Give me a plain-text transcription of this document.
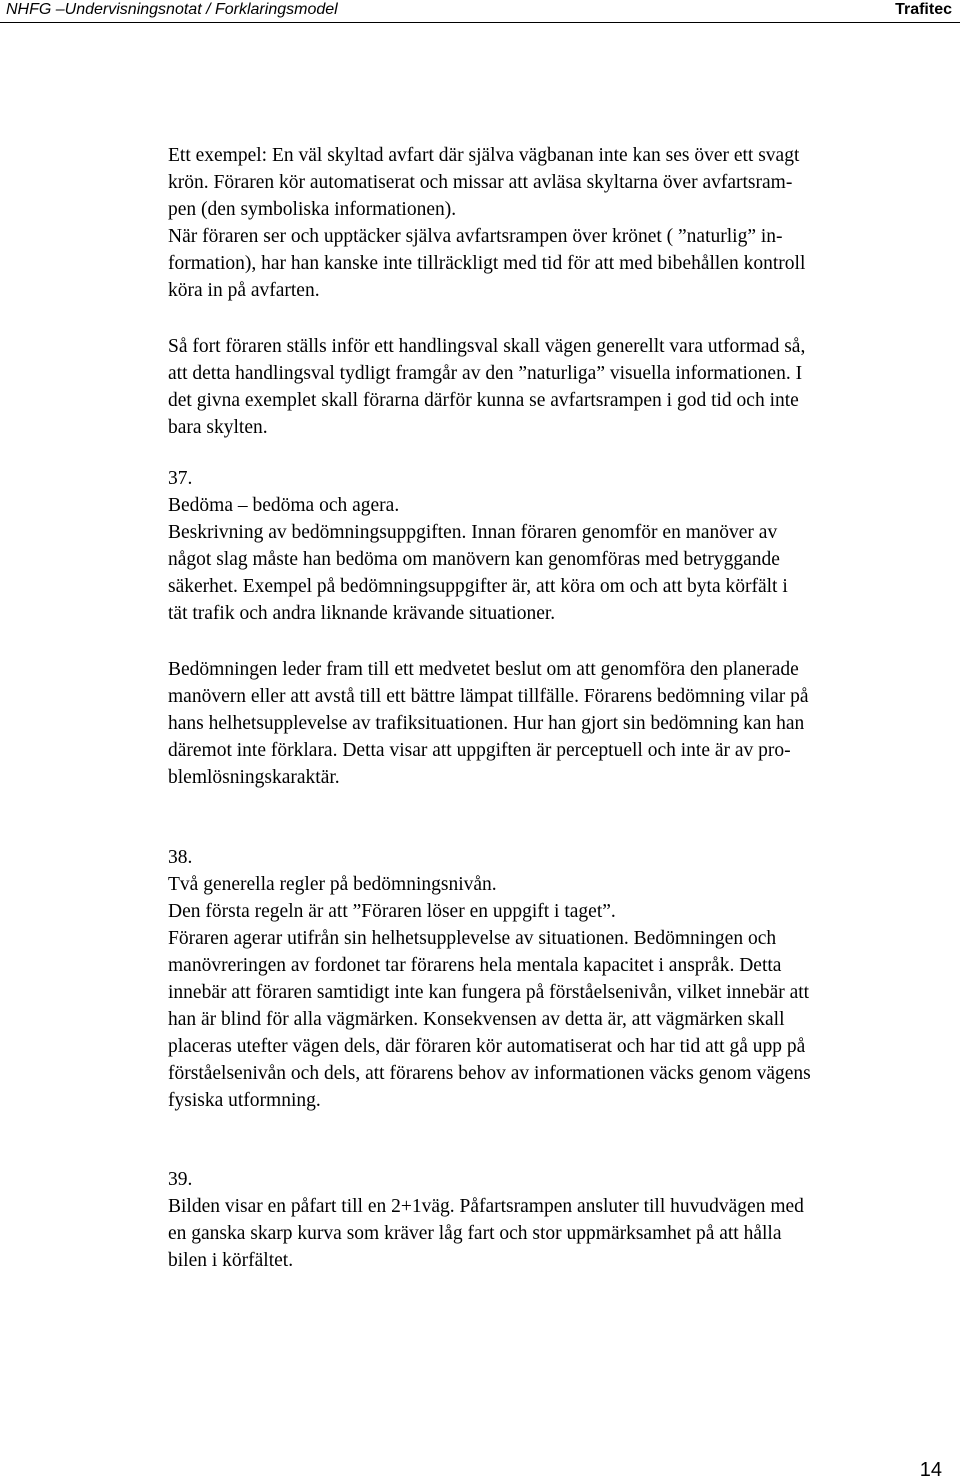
NHFG –Undervisningsnotat / Forklaringsmodel	Trafitec
Ett exempel: En väl skyltad avfart där själva vägbanan inte kan ses över ett svagt
krön. Föraren kör automatiserat och missar att avläsa skyltarna över avfartsram-
pen (den symboliska informationen).
När föraren ser och upptäcker själva avfartsrampen över krönet ( ”naturlig” in-
formation), har han kanske inte tillräckligt med tid för att med bibehållen kontroll
köra in på avfarten.
Så fort föraren ställs inför ett handlingsval skall vägen generellt vara utformad så,
att detta handlingsval tydligt framgår av den ”naturliga” visuella informationen. I
det givna exemplet skall förarna därför kunna se avfartsrampen i god tid och inte
bara skylten.
37.
Bedöma – bedöma och agera.
Beskrivning av bedömningsuppgiften. Innan föraren genomför en manöver av
något slag måste han bedöma om manövern kan genomföras med betryggande
säkerhet. Exempel på bedömningsuppgifter är, att köra om och att byta körfält i
tät trafik och andra liknande krävande situationer.
Bedömningen leder fram till ett medvetet beslut om att genomföra den planerade
manövern eller att avstå till ett bättre lämpat tillfälle. Förarens bedömning vilar på
hans helhetsupplevelse av trafiksituationen. Hur han gjort sin bedömning kan han
däremot inte förklara. Detta visar att uppgiften är perceptuell och inte är av pro-
blemlösningskaraktär.
38.
Två generella regler på bedömningsnivån.
Den första regeln är att ”Föraren löser en uppgift i taget”.
Föraren agerar utifrån sin helhetsupplevelse av situationen. Bedömningen och
manövreringen av fordonet tar förarens hela mentala kapacitet i anspråk. Detta
innebär att föraren samtidigt inte kan fungera på förståelsenivån, vilket innebär att
han är blind för alla vägmärken. Konsekvensen av detta är, att vägmärken skall
placeras utefter vägen dels, där föraren kör automatiserat och har tid att gå upp på
förståelsenivån och dels, att förarens behov av informationen väcks genom vägens
fysiska utformning.
39.
Bilden visar en påfart till en 2+1väg. Påfartsrampen ansluter till huvudvägen med
en ganska skarp kurva som kräver låg fart och stor uppmärksamhet på att hålla
bilen i körfältet.
14
